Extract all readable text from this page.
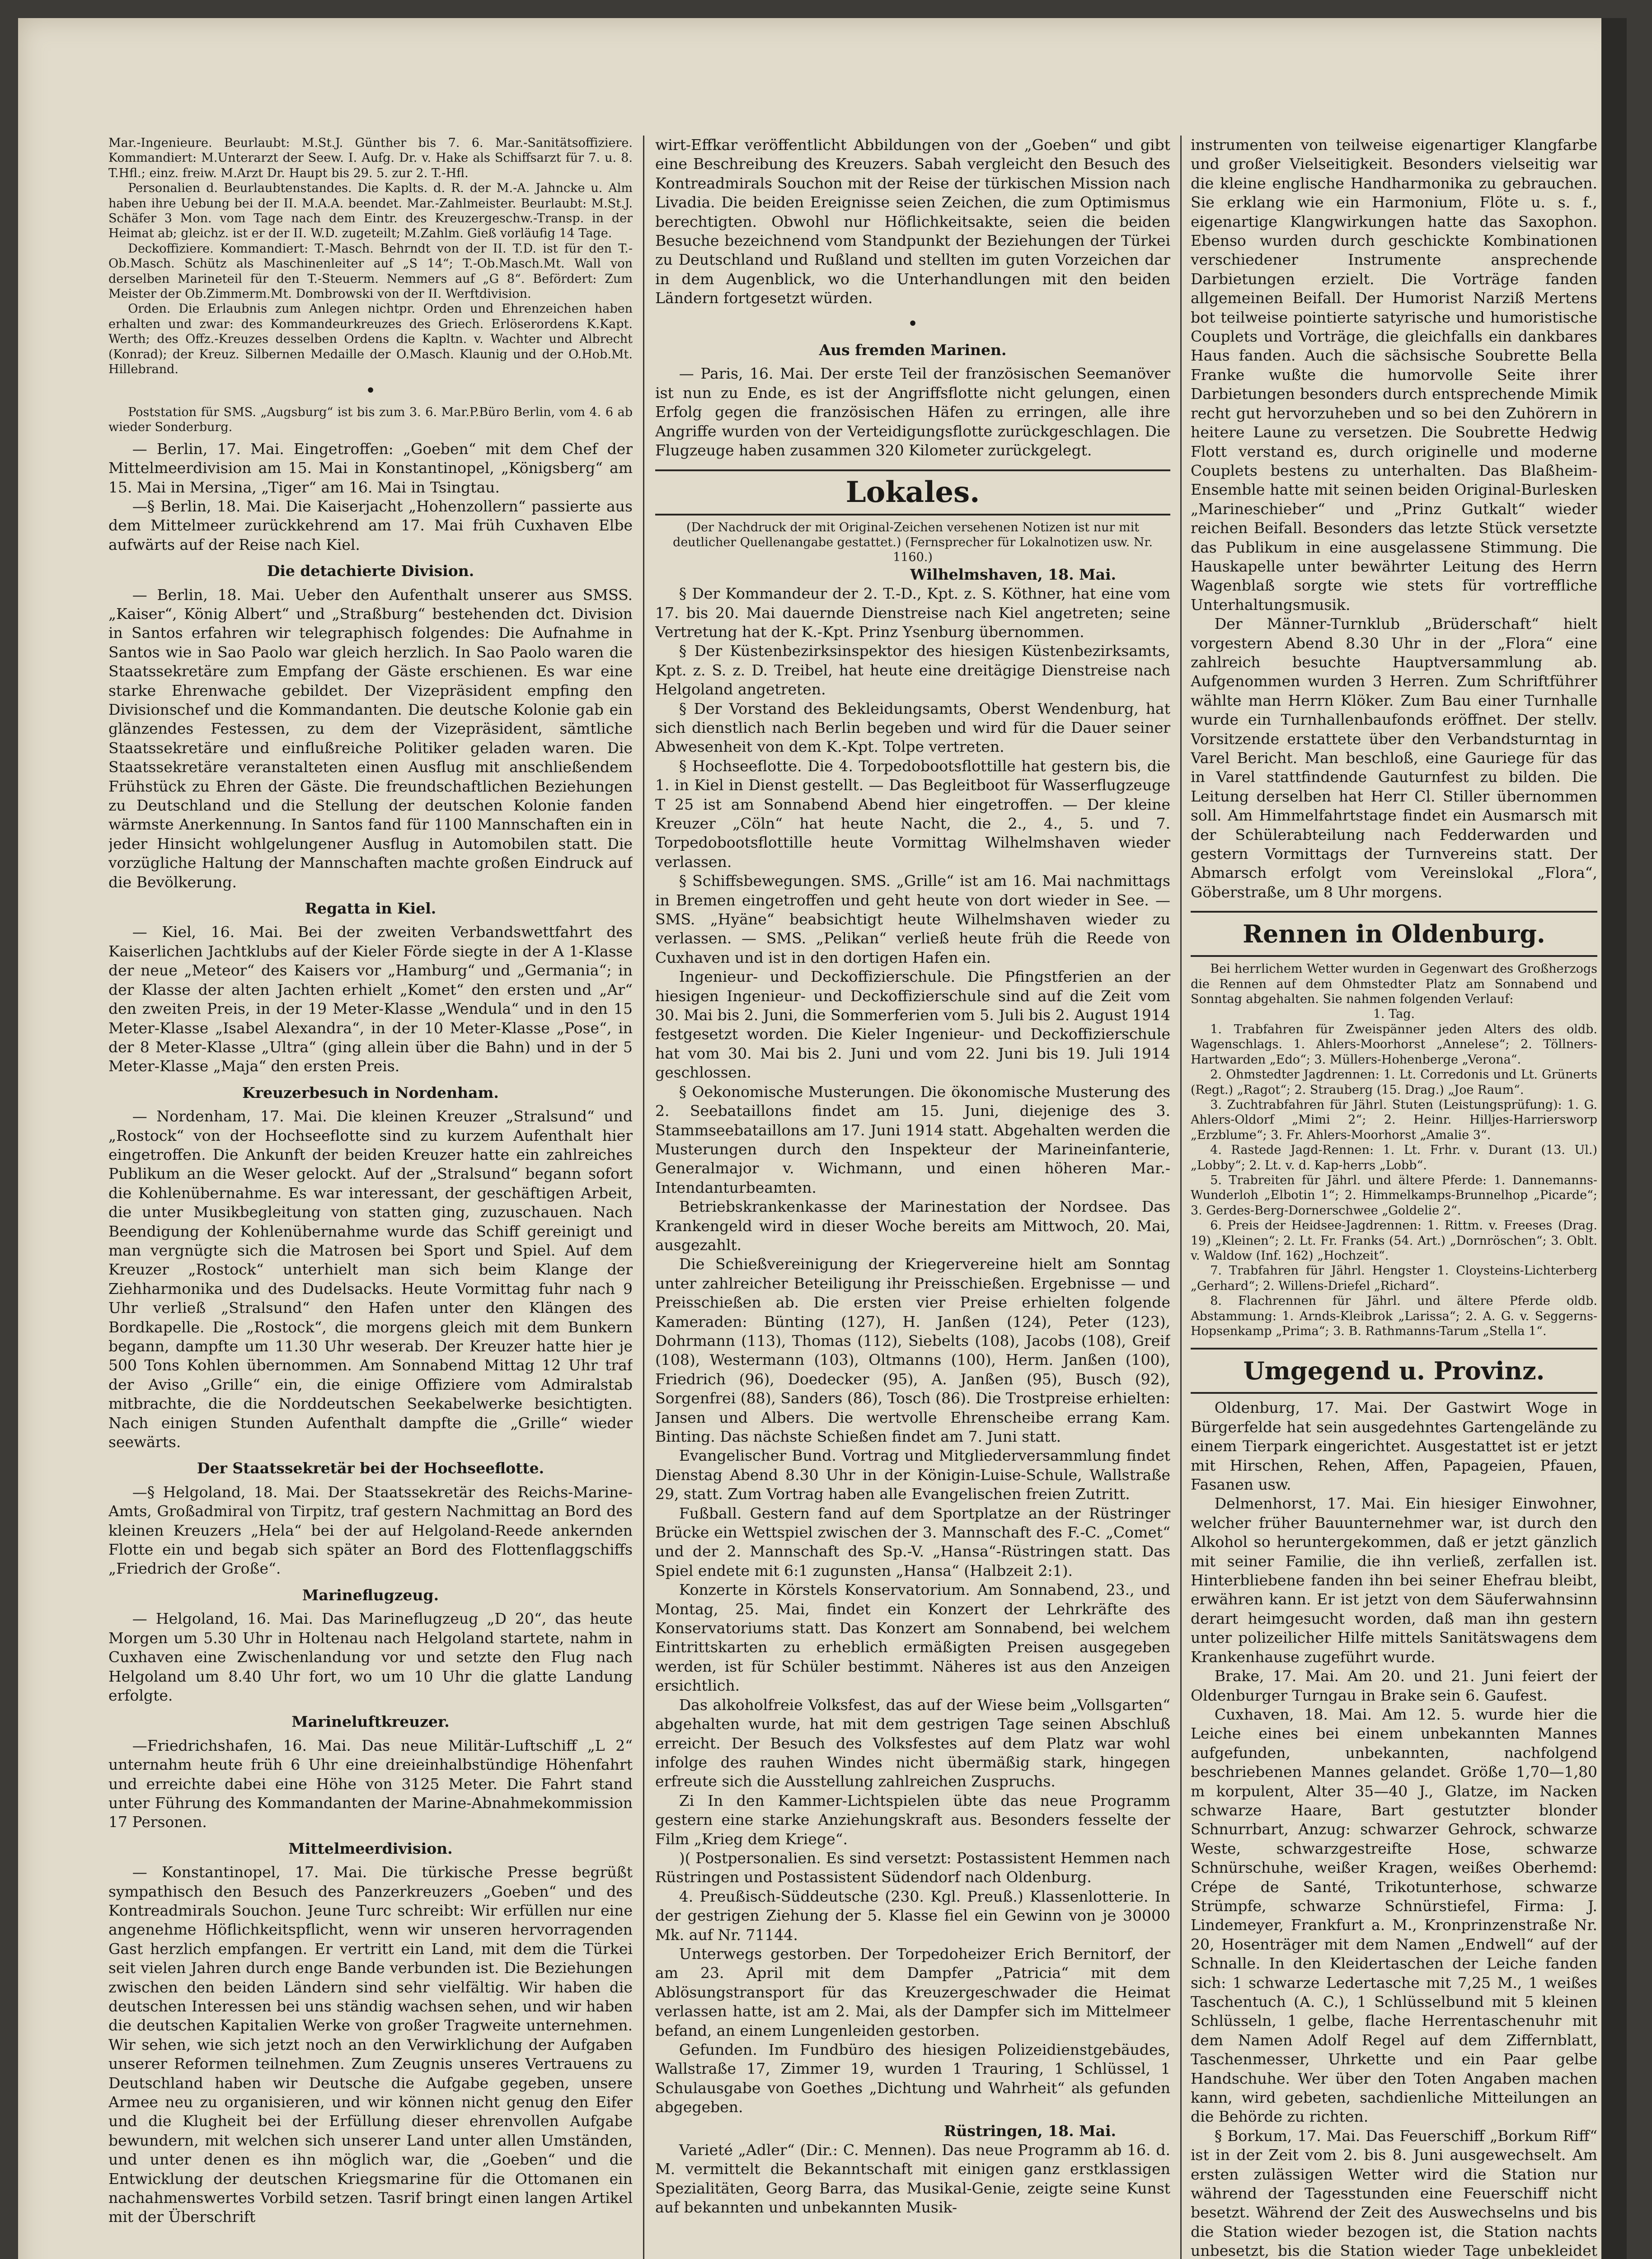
Mar.-Ingenieure. Beurlaubt: M.St.J. Günther bis 7. 6. Mar.-Sanitätsoffiziere. Kommandiert: M.Unterarzt der Seew. I. Aufg. Dr. v. Hake als Schiffsarzt für 7. u. 8. T.Hfl.; einz. freiw. M.Arzt Dr. Haupt bis 29. 5. zur 2. T.-Hfl.

Personalien d. Beurlaubtenstandes. Die Kaplts. d. R. der M.-A. Jahncke u. Alm haben ihre Uebung bei der II. M.A.A. beendet. Mar.-Zahlmeister. Beurlaubt: M.St.J. Schäfer 3 Mon. vom Tage nach dem Eintr. des Kreuzergeschw.-Transp. in der Heimat ab; gleichz. ist er der II. W.D. zugeteilt; M.Zahlm. Gieß vorläufig 14 Tage.

Deckoffiziere. Kommandiert: T.-Masch. Behrndt von der II. T.D. ist für den T.-Ob.Masch. Schütz als Maschinenleiter auf „S 14“; T.-Ob.Masch.Mt. Wall von derselben Marineteil für den T.-Steuerm. Nemmers auf „G 8“. Befördert: Zum Meister der Ob.Zimmerm.Mt. Dombrowski von der II. Werftdivision.

Orden. Die Erlaubnis zum Anlegen nichtpr. Orden und Ehrenzeichen haben erhalten und zwar: des Kommandeurkreuzes des Griech. Erlöserordens K.Kapt. Werth; des Offz.-Kreuzes desselben Ordens die Kapltn. v. Wachter und Albrecht (Konrad); der Kreuz. Silbernen Medaille der O.Masch. Klaunig und der O.Hob.Mt. Hillebrand.

•

Poststation für SMS. „Augsburg“ ist bis zum 3. 6. Mar.P.Büro Berlin, vom 4. 6 ab wieder Sonderburg.

— Berlin, 17. Mai. Eingetroffen: „Goeben“ mit dem Chef der Mittelmeerdivision am 15. Mai in Konstantinopel, „Königsberg“ am 15. Mai in Mersina, „Tiger“ am 16. Mai in Tsingtau.

—§ Berlin, 18. Mai. Die Kaiserjacht „Hohenzollern“ passierte aus dem Mittelmeer zurückkehrend am 17. Mai früh Cuxhaven Elbe aufwärts auf der Reise nach Kiel.

Die detachierte Division.

— Berlin, 18. Mai. Ueber den Aufenthalt unserer aus SMSS. „Kaiser“, König Albert“ und „Straßburg“ bestehenden dct. Division in Santos erfahren wir telegraphisch folgendes: Die Aufnahme in Santos wie in Sao Paolo war gleich herzlich. In Sao Paolo waren die Staatssekretäre zum Empfang der Gäste erschienen. Es war eine starke Ehrenwache gebildet. Der Vizepräsident empfing den Divisionschef und die Kommandanten. Die deutsche Kolonie gab ein glänzendes Festessen, zu dem der Vizepräsident, sämtliche Staatssekretäre und einflußreiche Politiker geladen waren. Die Staatssekretäre veranstalteten einen Ausflug mit anschließendem Frühstück zu Ehren der Gäste. Die freundschaftlichen Beziehungen zu Deutschland und die Stellung der deutschen Kolonie fanden wärmste Anerkennung. In Santos fand für 1100 Mannschaften ein in jeder Hinsicht wohlgelungener Ausflug in Automobilen statt. Die vorzügliche Haltung der Mannschaften machte großen Eindruck auf die Bevölkerung.

Regatta in Kiel.

— Kiel, 16. Mai. Bei der zweiten Verbandswettfahrt des Kaiserlichen Jachtklubs auf der Kieler Förde siegte in der A 1-Klasse der neue „Meteor“ des Kaisers vor „Hamburg“ und „Germania“; in der Klasse der alten Jachten erhielt „Komet“ den ersten und „Ar“ den zweiten Preis, in der 19 Meter-Klasse „Wendula“ und in den 15 Meter-Klasse „Isabel Alexandra“, in der 10 Meter-Klasse „Pose“, in der 8 Meter-Klasse „Ultra“ (ging allein über die Bahn) und in der 5 Meter-Klasse „Maja“ den ersten Preis.

Kreuzerbesuch in Nordenham.

— Nordenham, 17. Mai. Die kleinen Kreuzer „Stralsund“ und „Rostock“ von der Hochseeflotte sind zu kurzem Aufenthalt hier eingetroffen. Die Ankunft der beiden Kreuzer hatte ein zahlreiches Publikum an die Weser gelockt. Auf der „Stralsund“ begann sofort die Kohlenübernahme. Es war interessant, der geschäftigen Arbeit, die unter Musikbegleitung von statten ging, zuzuschauen. Nach Beendigung der Kohlenübernahme wurde das Schiff gereinigt und man vergnügte sich die Matrosen bei Sport und Spiel. Auf dem Kreuzer „Rostock“ unterhielt man sich beim Klange der Ziehharmonika und des Dudelsacks. Heute Vormittag fuhr nach 9 Uhr verließ „Stralsund“ den Hafen unter den Klängen des Bordkapelle. Die „Rostock“, die morgens gleich mit dem Bunkern begann, dampfte um 11.30 Uhr weserab. Der Kreuzer hatte hier je 500 Tons Kohlen übernommen. Am Sonnabend Mittag 12 Uhr traf der Aviso „Grille“ ein, die einige Offiziere vom Admiralstab mitbrachte, die die Norddeutschen Seekabelwerke besichtigten. Nach einigen Stunden Aufenthalt dampfte die „Grille“ wieder seewärts.

Der Staatssekretär bei der Hochseeflotte.

—§ Helgoland, 18. Mai. Der Staatssekretär des Reichs-Marine-Amts, Großadmiral von Tirpitz, traf gestern Nachmittag an Bord des kleinen Kreuzers „Hela“ bei der auf Helgoland-Reede ankernden Flotte ein und begab sich später an Bord des Flottenflaggschiffs „Friedrich der Große“.

Marineflugzeug.

— Helgoland, 16. Mai. Das Marineflugzeug „D 20“, das heute Morgen um 5.30 Uhr in Holtenau nach Helgoland startete, nahm in Cuxhaven eine Zwischenlandung vor und setzte den Flug nach Helgoland um 8.40 Uhr fort, wo um 10 Uhr die glatte Landung erfolgte.

Marineluftkreuzer.

—Friedrichshafen, 16. Mai. Das neue Militär-Luftschiff „L 2“ unternahm heute früh 6 Uhr eine dreieinhalbstündige Höhenfahrt und erreichte dabei eine Höhe von 3125 Meter. Die Fahrt stand unter Führung des Kommandanten der Marine-Abnahmekommission 17 Personen.

Mittelmeerdivision.

— Konstantinopel, 17. Mai. Die türkische Presse begrüßt sympathisch den Besuch des Panzerkreuzers „Goeben“ und des Kontreadmirals Souchon. Jeune Turc schreibt: Wir erfüllen nur eine angenehme Höflichkeitspflicht, wenn wir unseren hervorragenden Gast herzlich empfangen. Er vertritt ein Land, mit dem die Türkei seit vielen Jahren durch enge Bande verbunden ist. Die Beziehungen zwischen den beiden Ländern sind sehr vielfältig. Wir haben die deutschen Interessen bei uns ständig wachsen sehen, und wir haben die deutschen Kapitalien Werke von großer Tragweite unternehmen. Wir sehen, wie sich jetzt noch an den Verwirklichung der Aufgaben unserer Reformen teilnehmen. Zum Zeugnis unseres Vertrauens zu Deutschland haben wir Deutsche die Aufgabe gegeben, unsere Armee neu zu organisieren, und wir können nicht genug den Eifer und die Klugheit bei der Erfüllung dieser ehrenvollen Aufgabe bewundern, mit welchen sich unserer Land unter allen Umständen, und unter denen es ihn möglich war, die „Goeben“ und die Entwicklung der deutschen Kriegsmarine für die Ottomanen ein nachahmenswertes Vorbild setzen. Tasrif bringt einen langen Artikel mit der Überschrift

wirt-Effkar veröffentlicht Abbildungen von der „Goeben“ und gibt eine Beschreibung des Kreuzers. Sabah vergleicht den Besuch des Kontreadmirals Souchon mit der Reise der türkischen Mission nach Livadia. Die beiden Ereignisse seien Zeichen, die zum Optimismus berechtigten. Obwohl nur Höflichkeitsakte, seien die beiden Besuche bezeichnend vom Standpunkt der Beziehungen der Türkei zu Deutschland und Rußland und stellten im guten Vorzeichen dar in dem Augenblick, wo die Unterhandlungen mit den beiden Ländern fortgesetzt würden.

•

Aus fremden Marinen.

— Paris, 16. Mai. Der erste Teil der französischen Seemanöver ist nun zu Ende, es ist der Angriffsflotte nicht gelungen, einen Erfolg gegen die französischen Häfen zu erringen, alle ihre Angriffe wurden von der Verteidigungsflotte zurückgeschlagen. Die Flugzeuge haben zusammen 320 Kilometer zurückgelegt.

Lokales.

(Der Nachdruck der mit Original-Zeichen versehenen Notizen ist nur mit deutlicher Quellenangabe gestattet.) (Fernsprecher für Lokalnotizen usw. Nr. 1160.)

Wilhelmshaven, 18. Mai.

§ Der Kommandeur der 2. T.-D., Kpt. z. S. Köthner, hat eine vom 17. bis 20. Mai dauernde Dienstreise nach Kiel angetreten; seine Vertretung hat der K.-Kpt. Prinz Ysenburg übernommen.

§ Der Küstenbezirksinspektor des hiesigen Küstenbezirksamts, Kpt. z. S. z. D. Treibel, hat heute eine dreitägige Dienstreise nach Helgoland angetreten.

§ Der Vorstand des Bekleidungsamts, Oberst Wendenburg, hat sich dienstlich nach Berlin begeben und wird für die Dauer seiner Abwesenheit von dem K.-Kpt. Tolpe vertreten.

§ Hochseeflotte. Die 4. Torpedobootsflottille hat gestern bis, die 1. in Kiel in Dienst gestellt. — Das Begleitboot für Wasserflugzeuge T 25 ist am Sonnabend Abend hier eingetroffen. — Der kleine Kreuzer „Cöln“ hat heute Nacht, die 2., 4., 5. und 7. Torpedobootsflottille heute Vormittag Wilhelmshaven wieder verlassen.

§ Schiffsbewegungen. SMS. „Grille“ ist am 16. Mai nachmittags in Bremen eingetroffen und geht heute von dort wieder in See. — SMS. „Hyäne“ beabsichtigt heute Wilhelmshaven wieder zu verlassen. — SMS. „Pelikan“ verließ heute früh die Reede von Cuxhaven und ist in den dortigen Hafen ein.

Ingenieur- und Deckoffizierschule. Die Pfingstferien an der hiesigen Ingenieur- und Deckoffizierschule sind auf die Zeit vom 30. Mai bis 2. Juni, die Sommerferien vom 5. Juli bis 2. August 1914 festgesetzt worden. Die Kieler Ingenieur- und Deckoffizierschule hat vom 30. Mai bis 2. Juni und vom 22. Juni bis 19. Juli 1914 geschlossen.

§ Oekonomische Musterungen. Die ökonomische Musterung des 2. Seebataillons findet am 15. Juni, diejenige des 3. Stammseebataillons am 17. Juni 1914 statt. Abgehalten werden die Musterungen durch den Inspekteur der Marineinfanterie, Generalmajor v. Wichmann, und einen höheren Mar.-Intendanturbeamten.

Betriebskrankenkasse der Marinestation der Nordsee. Das Krankengeld wird in dieser Woche bereits am Mittwoch, 20. Mai, ausgezahlt.

Die Schießvereinigung der Kriegervereine hielt am Sonntag unter zahlreicher Beteiligung ihr Preisschießen. Ergebnisse — und Preisschießen ab. Die ersten vier Preise erhielten folgende Kameraden: Bünting (127), H. Janßen (124), Peter (123), Dohrmann (113), Thomas (112), Siebelts (108), Jacobs (108), Greif (108), Westermann (103), Oltmanns (100), Herm. Janßen (100), Friedrich (96), Doedecker (95), A. Janßen (95), Busch (92), Sorgenfrei (88), Sanders (86), Tosch (86). Die Trostpreise erhielten: Jansen und Albers. Die wertvolle Ehrenscheibe errang Kam. Binting. Das nächste Schießen findet am 7. Juni statt.

Evangelischer Bund. Vortrag und Mitgliederversammlung findet Dienstag Abend 8.30 Uhr in der Königin-Luise-Schule, Wallstraße 29, statt. Zum Vortrag haben alle Evangelischen freien Zutritt.

Fußball. Gestern fand auf dem Sportplatze an der Rüstringer Brücke ein Wettspiel zwischen der 3. Mannschaft des F.-C. „Comet“ und der 2. Mannschaft des Sp.-V. „Hansa“-Rüstringen statt. Das Spiel endete mit 6:1 zugunsten „Hansa“ (Halbzeit 2:1).

Konzerte in Körstels Konservatorium. Am Sonnabend, 23., und Montag, 25. Mai, findet ein Konzert der Lehrkräfte des Konservatoriums statt. Das Konzert am Sonnabend, bei welchem Eintrittskarten zu erheblich ermäßigten Preisen ausgegeben werden, ist für Schüler bestimmt. Näheres ist aus den Anzeigen ersichtlich.

Das alkoholfreie Volksfest, das auf der Wiese beim „Vollsgarten“ abgehalten wurde, hat mit dem gestrigen Tage seinen Abschluß erreicht. Der Besuch des Volksfestes auf dem Platz war wohl infolge des rauhen Windes nicht übermäßig stark, hingegen erfreute sich die Ausstellung zahlreichen Zuspruchs.

Zi In den Kammer-Lichtspielen übte das neue Programm gestern eine starke Anziehungskraft aus. Besonders fesselte der Film „Krieg dem Kriege“.

)( Postpersonalien. Es sind versetzt: Postassistent Hemmen nach Rüstringen und Postassistent Südendorf nach Oldenburg.

4. Preußisch-Süddeutsche (230. Kgl. Preuß.) Klassenlotterie. In der gestrigen Ziehung der 5. Klasse fiel ein Gewinn von je 30000 Mk. auf Nr. 71144.

Unterwegs gestorben. Der Torpedoheizer Erich Bernitorf, der am 23. April mit dem Dampfer „Patricia“ mit dem Ablösungstransport für das Kreuzergeschwader die Heimat verlassen hatte, ist am 2. Mai, als der Dampfer sich im Mittelmeer befand, an einem Lungenleiden gestorben.

Gefunden. Im Fundbüro des hiesigen Polizeidienstgebäudes, Wallstraße 17, Zimmer 19, wurden 1 Trauring, 1 Schlüssel, 1 Schulausgabe von Goethes „Dichtung und Wahrheit“ als gefunden abgegeben.

Rüstringen, 18. Mai.

Varieté „Adler“ (Dir.: C. Mennen). Das neue Programm ab 16. d. M. vermittelt die Bekanntschaft mit einigen ganz erstklassigen Spezialitäten, Georg Barra, das Musikal-Genie, zeigte seine Kunst auf bekannten und unbekannten Musik-

instrumenten von teilweise eigenartiger Klangfarbe und großer Vielseitigkeit. Besonders vielseitig war die kleine englische Handharmonika zu gebrauchen. Sie erklang wie ein Harmonium, Flöte u. s. f., eigenartige Klangwirkungen hatte das Saxophon. Ebenso wurden durch geschickte Kombinationen verschiedener Instrumente ansprechende Darbietungen erzielt. Die Vorträge fanden allgemeinen Beifall. Der Humorist Narziß Mertens bot teilweise pointierte satyrische und humoristische Couplets und Vorträge, die gleichfalls ein dankbares Haus fanden. Auch die sächsische Soubrette Bella Franke wußte die humorvolle Seite ihrer Darbietungen besonders durch entsprechende Mimik recht gut hervorzuheben und so bei den Zuhörern in heitere Laune zu versetzen. Die Soubrette Hedwig Flott verstand es, durch originelle und moderne Couplets bestens zu unterhalten. Das Blaßheim-Ensemble hatte mit seinen beiden Original-Burlesken „Marineschieber“ und „Prinz Gutkalt“ wieder reichen Beifall. Besonders das letzte Stück versetzte das Publikum in eine ausgelassene Stimmung. Die Hauskapelle unter bewährter Leitung des Herrn Wagenblaß sorgte wie stets für vortreffliche Unterhaltungsmusik.

Der Männer-Turnklub „Brüderschaft“ hielt vorgestern Abend 8.30 Uhr in der „Flora“ eine zahlreich besuchte Hauptversammlung ab. Aufgenommen wurden 3 Herren. Zum Schriftführer wählte man Herrn Klöker. Zum Bau einer Turnhalle wurde ein Turnhallenbaufonds eröffnet. Der stellv. Vorsitzende erstattete über den Verbandsturntag in Varel Bericht. Man beschloß, eine Gauriege für das in Varel stattfindende Gauturnfest zu bilden. Die Leitung derselben hat Herr Cl. Stiller übernommen soll. Am Himmelfahrtstage findet ein Ausmarsch mit der Schülerabteilung nach Fedderwarden und gestern Vormittags der Turnvereins statt. Der Abmarsch erfolgt vom Vereinslokal „Flora“, Göberstraße, um 8 Uhr morgens.

Rennen in Oldenburg.

Bei herrlichem Wetter wurden in Gegenwart des Großherzogs die Rennen auf dem Ohmstedter Platz am Sonnabend und Sonntag abgehalten. Sie nahmen folgenden Verlauf:

1. Tag.

1. Trabfahren für Zweispänner jeden Alters des oldb. Wagenschlags. 1. Ahlers-Moorhorst „Annelese“; 2. Töllners-Hartwarden „Edo“; 3. Müllers-Hohenberge „Verona“.

2. Ohmstedter Jagdrennen: 1. Lt. Corredonis und Lt. Grünerts (Regt.) „Ragot“; 2. Strauberg (15. Drag.) „Joe Raum“.

3. Zuchtrabfahren für Jährl. Stuten (Leistungsprüfung): 1. G. Ahlers-Oldorf „Mimi 2“; 2. Heinr. Hilljes-Harriersworp „Erzblume“; 3. Fr. Ahlers-Moorhorst „Amalie 3“.

4. Rastede Jagd-Rennen: 1. Lt. Frhr. v. Durant (13. Ul.) „Lobby“; 2. Lt. v. d. Kap-herrs „Lobb“.

5. Trabreiten für Jährl. und ältere Pferde: 1. Dannemanns-Wunderloh „Elbotin 1“; 2. Himmelkamps-Brunnelhop „Picarde“; 3. Gerdes-Berg-Dornerschwee „Goldelie 2“.

6. Preis der Heidsee-Jagdrennen: 1. Rittm. v. Freeses (Drag. 19) „Kleinen“; 2. Lt. Fr. Franks (54. Art.) „Dornröschen“; 3. Oblt. v. Waldow (Inf. 162) „Hochzeit“.

7. Trabfahren für Jährl. Hengster 1. Cloysteins-Lichterberg „Gerhard“; 2. Willens-Driefel „Richard“.

8. Flachrennen für Jährl. und ältere Pferde oldb. Abstammung: 1. Arnds-Kleibrok „Larissa“; 2. A. G. v. Seggerns-Hopsenkamp „Prima“; 3. B. Rathmanns-Tarum „Stella 1“.

Umgegend u. Provinz.

Oldenburg, 17. Mai. Der Gastwirt Woge in Bürgerfelde hat sein ausgedehntes Gartengelände zu einem Tierpark eingerichtet. Ausgestattet ist er jetzt mit Hirschen, Rehen, Affen, Papageien, Pfauen, Fasanen usw.

Delmenhorst, 17. Mai. Ein hiesiger Einwohner, welcher früher Bauunternehmer war, ist durch den Alkohol so heruntergekommen, daß er jetzt gänzlich mit seiner Familie, die ihn verließ, zerfallen ist. Hinterbliebene fanden ihn bei seiner Ehefrau bleibt, erwähren kann. Er ist jetzt von dem Säuferwahnsinn derart heimgesucht worden, daß man ihn gestern unter polizeilicher Hilfe mittels Sanitätswagens dem Krankenhause zugeführt wurde.

Brake, 17. Mai. Am 20. und 21. Juni feiert der Oldenburger Turngau in Brake sein 6. Gaufest.

Cuxhaven, 18. Mai. Am 12. 5. wurde hier die Leiche eines bei einem unbekannten Mannes aufgefunden, unbekannten, nachfolgend beschriebenen Mannes gelandet. Größe 1,70—1,80 m korpulent, Alter 35—40 J., Glatze, im Nacken schwarze Haare, Bart gestutzter blonder Schnurrbart, Anzug: schwarzer Gehrock, schwarze Weste, schwarzgestreifte Hose, schwarze Schnürschuhe, weißer Kragen, weißes Oberhemd: Crépe de Santé, Trikotunterhose, schwarze Strümpfe, schwarze Schnürstiefel, Firma: J. Lindemeyer, Frankfurt a. M., Kronprinzenstraße Nr. 20, Hosenträger mit dem Namen „Endwell“ auf der Schnalle. In den Kleidertaschen der Leiche fanden sich: 1 schwarze Ledertasche mit 7,25 M., 1 weißes Taschentuch (A. C.), 1 Schlüsselbund mit 5 kleinen Schlüsseln, 1 gelbe, flache Herrentaschenuhr mit dem Namen Adolf Regel auf dem Ziffernblatt, Taschenmesser, Uhrkette und ein Paar gelbe Handschuhe. Wer über den Toten Angaben machen kann, wird gebeten, sachdienliche Mitteilungen an die Behörde zu richten.

§ Borkum, 17. Mai. Das Feuerschiff „Borkum Riff“ ist in der Zeit vom 2. bis 8. Juni ausgewechselt. Am ersten zulässigen Wetter wird die Station nur während der Tagesstunden eine Feuerschiff nicht besetzt. Während der Zeit des Auswechselns und bis die Station wieder bezogen ist, die Station nachts unbesetzt, bis die Station wieder Tage unbekleidet
